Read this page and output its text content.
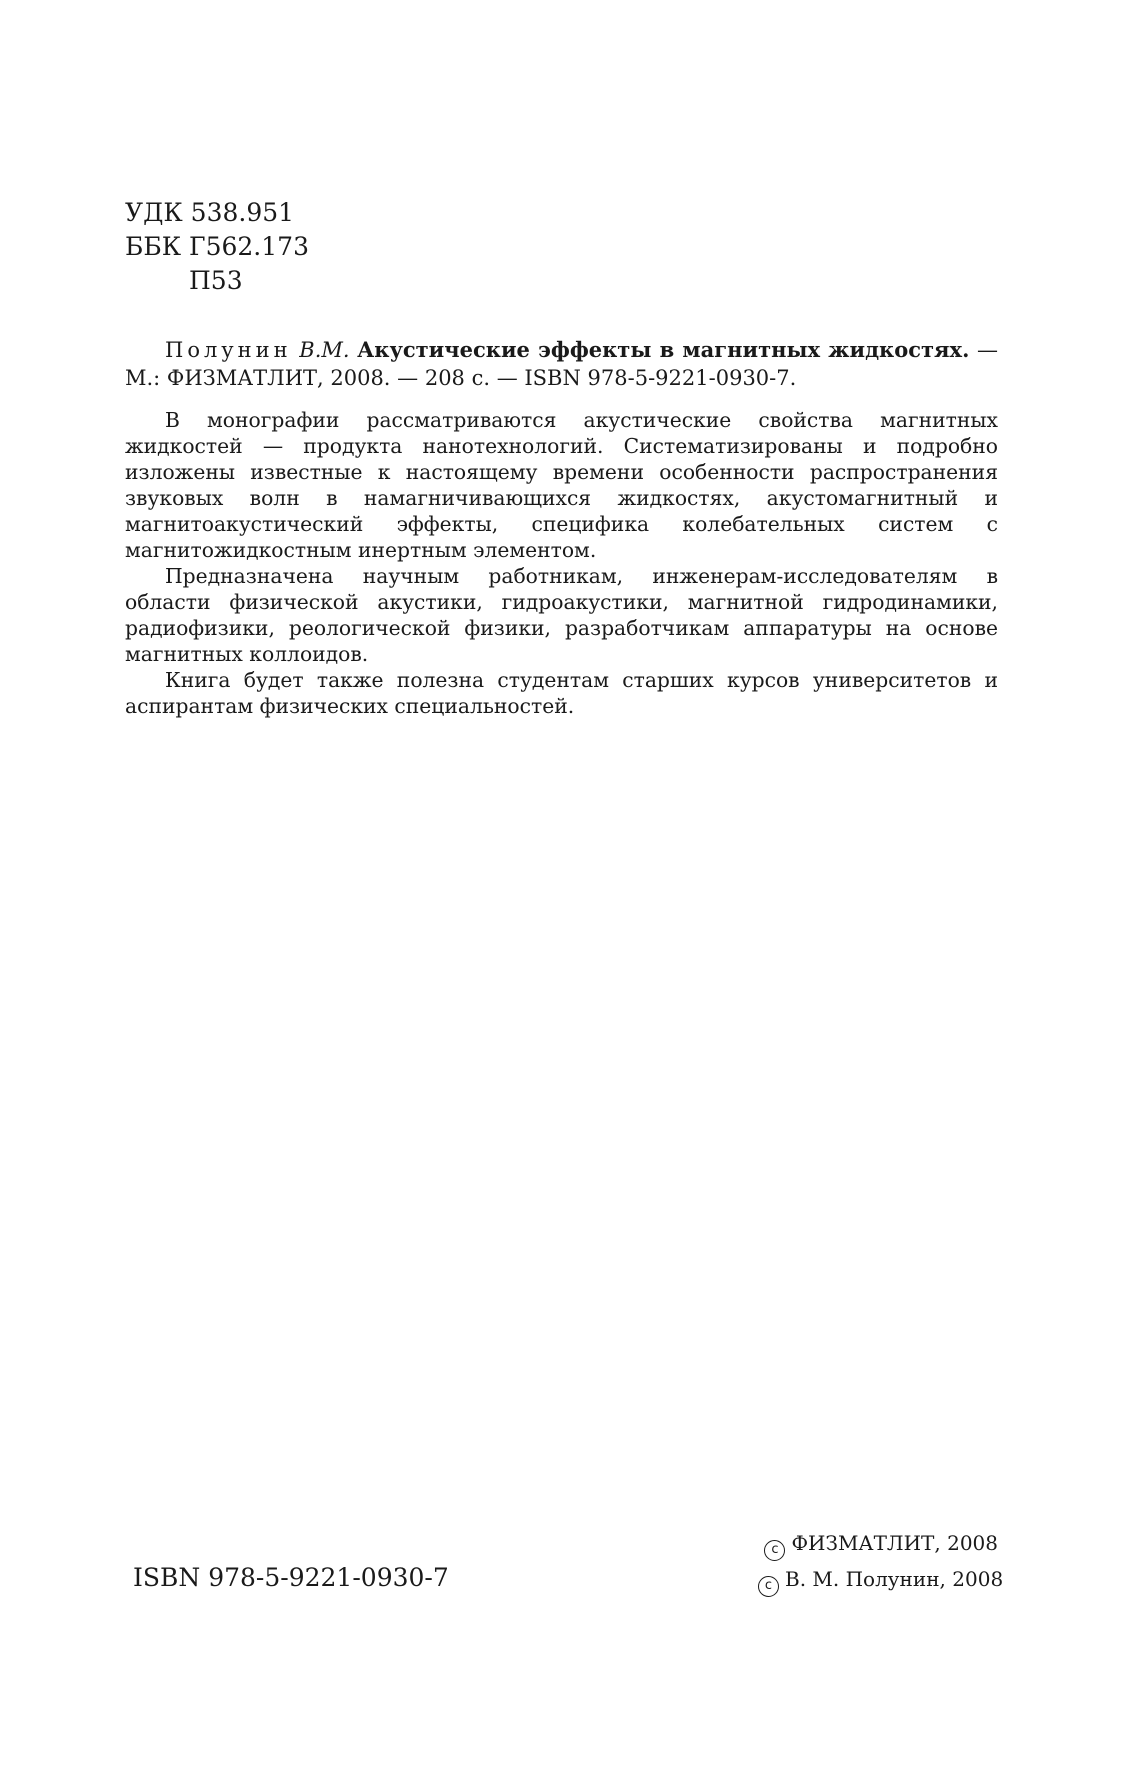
УДК 538.951
ББК Г562.173
П53
Полунин В.М. Акустические эффекты в магнитных жидкостях. — М.: ФИЗМАТЛИТ, 2008. — 208 с. — ISBN 978-5-9221-0930-7.

В монографии рассматриваются акустические свойства магнитных жидкостей — продукта нанотехнологий. Систематизированы и подробно изложены известные к настоящему времени особенности распространения звуковых волн в намагничивающихся жидкостях, акустомагнитный и магнитоакустический эффекты, специфика колебательных систем с магнитожидкостным инертным элементом.

Предназначена научным работникам, инженерам-исследователям в области физической акустики, гидроакустики, магнитной гидродинамики, радиофизики, реологической физики, разработчикам аппаратуры на основе магнитных коллоидов.

Книга будет также полезна студентам старших курсов университетов и аспирантам физических специальностей.

ISBN 978-5-9221-0930-7
c ФИЗМАТЛИТ, 2008
c В. М. Полунин, 2008
